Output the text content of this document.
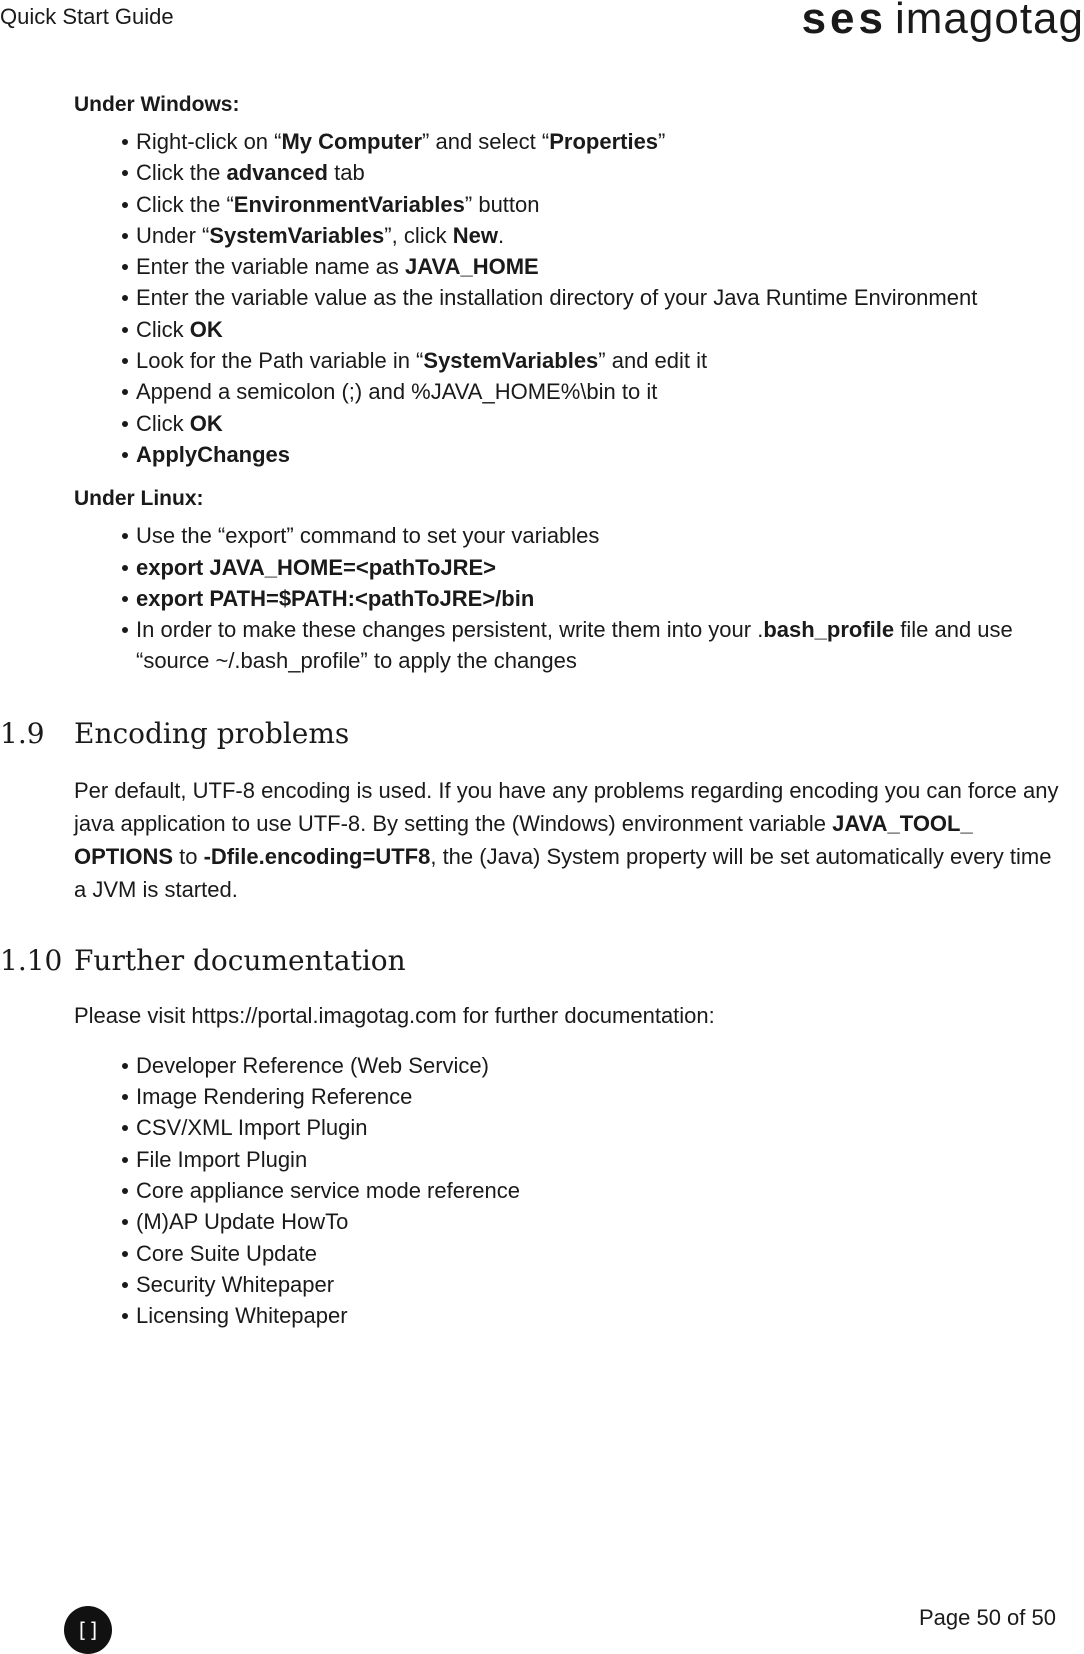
Quick Start Guide	ses imagotag
Under Windows:
Right-click on “My Computer” and select “Properties”
Click the advanced tab
Click the “EnvironmentVariables” button
Under “SystemVariables”, click New.
Enter the variable name as JAVA_HOME
Enter the variable value as the installation directory of your Java Runtime Environment
Click OK
Look for the Path variable in “SystemVariables” and edit it
Append a semicolon (;) and %JAVA_HOME%\bin to it
Click OK
ApplyChanges
Under Linux:
Use the “export” command to set your variables
export JAVA_HOME=<pathToJRE>
export PATH=$PATH:<pathToJRE>/bin
In order to make these changes persistent, write them into your .bash_profile file and use “source ~/.bash_profile” to apply the changes
1.9 Encoding problems

Per default, UTF-8 encoding is used. If you have any problems regarding encoding you can force any java application to use UTF-8. By setting the (Windows) environment variable JAVA_TOOL_ OPTIONS to -Dfile.encoding=UTF8, the (Java) System property will be set automatically every time a JVM is started.

1.10 Further documentation

Please visit https://portal.imagotag.com for further documentation:

Developer Reference (Web Service)
Image Rendering Reference
CSV/XML Import Plugin
File Import Plugin
Core appliance service mode reference
(M)AP Update HowTo
Core Suite Update
Security Whitepaper
Licensing Whitepaper
[]	Page 50 of 50
